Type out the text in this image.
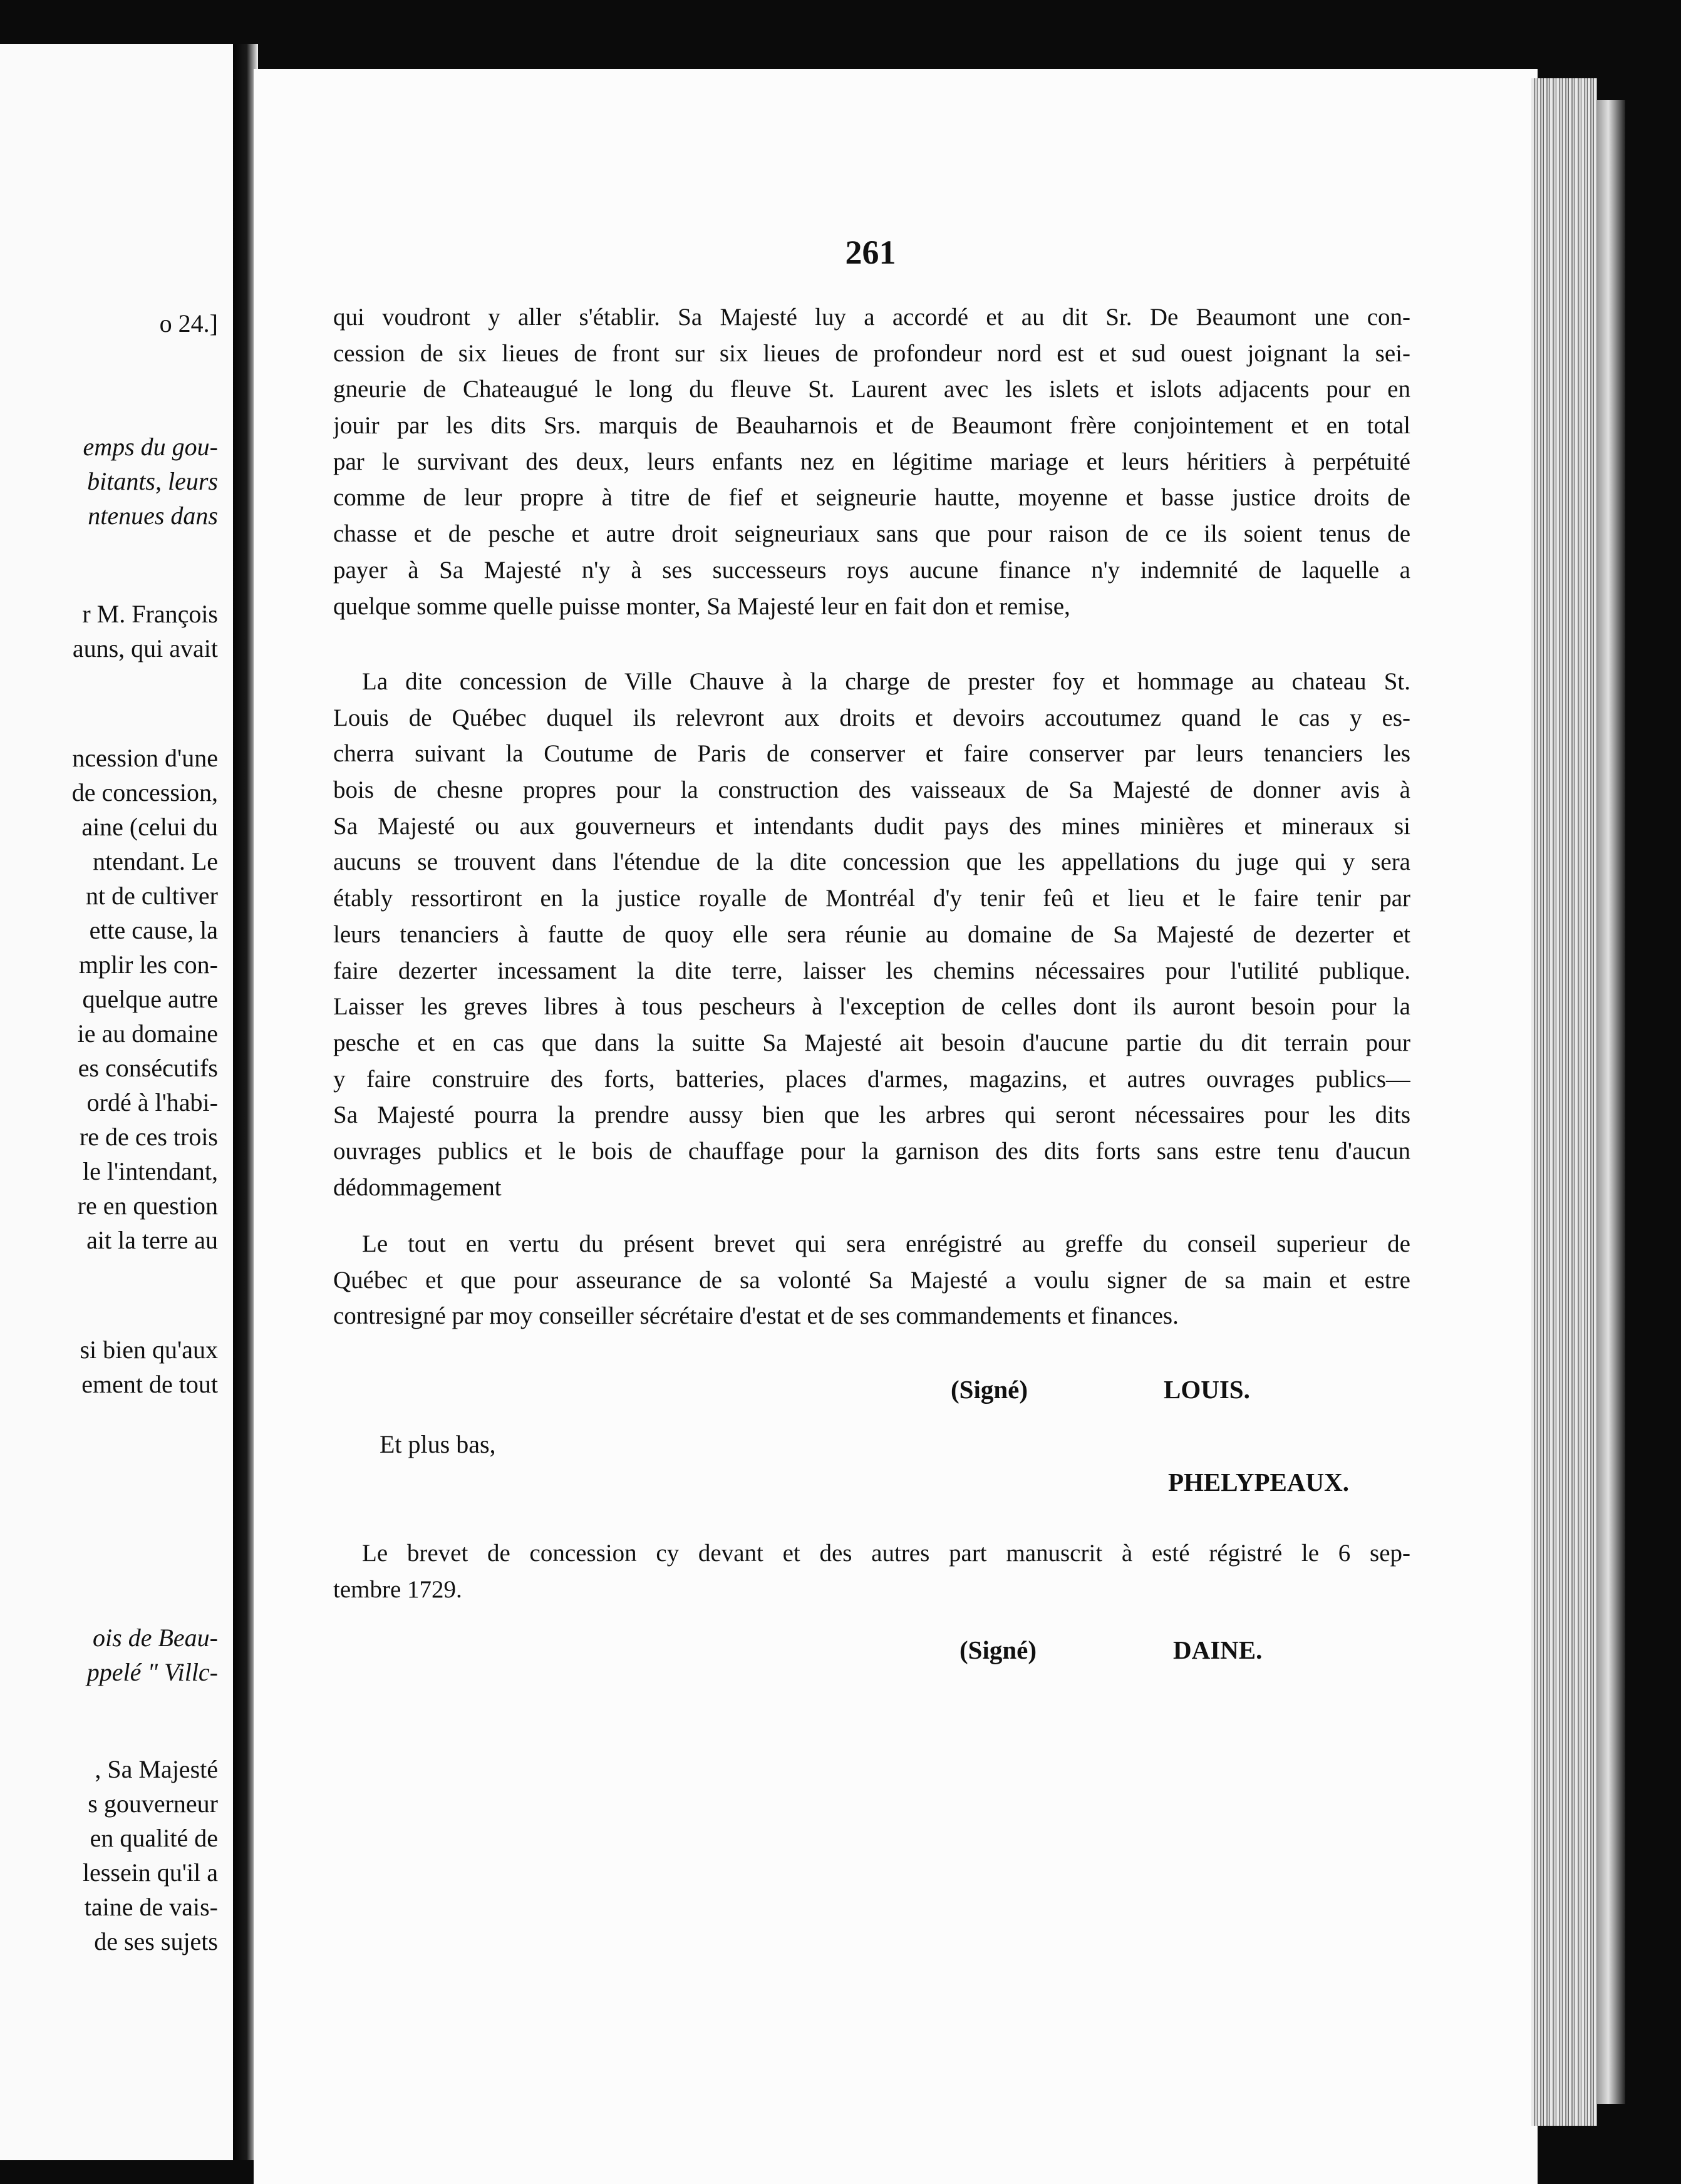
o 24.]
emps du gou-
bitants, leurs
ntenues dans
r M. François
auns, qui avait
ncession d'une
de concession,
aine (celui du
ntendant. Le
nt de cultiver
ette cause, la
mplir les con-
quelque autre
ie au domaine
es consécutifs
ordé à l'habi-
re de ces trois
le l'intendant,
re en question
ait la terre au
si bien qu'aux
ement de tout
ois de Beau-
ppelé " Villc-
, Sa Majesté
s gouverneur
en qualité de
lessein qu'il a
taine de vais-
de ses sujets
261
qui voudront y aller s'établir. Sa Majesté luy a accordé et au dit Sr. De Beaumont une con-
cession de six lieues de front sur six lieues de profondeur nord est et sud ouest joignant la sei-
gneurie de Chateaugué le long du fleuve St. Laurent avec les islets et islots adjacents pour en
jouir par les dits Srs. marquis de Beauharnois et de Beaumont frère conjointement et en total
par le survivant des deux, leurs enfants nez en légitime mariage et leurs héritiers à perpétuité
comme de leur propre à titre de fief et seigneurie hautte, moyenne et basse justice droits de
chasse et de pesche et autre droit seigneuriaux sans que pour raison de ce ils soient tenus de
payer à Sa Majesté n'y à ses successeurs roys aucune finance n'y indemnité de laquelle a
quelque somme quelle puisse monter, Sa Majesté leur en fait don et remise,
La dite concession de Ville Chauve à la charge de prester foy et hommage au chateau St.
Louis de Québec duquel ils relevront aux droits et devoirs accoutumez quand le cas y es-
cherra suivant la Coutume de Paris de conserver et faire conserver par leurs tenanciers les
bois de chesne propres pour la construction des vaisseaux de Sa Majesté de donner avis à
Sa Majesté ou aux gouverneurs et intendants dudit pays des mines minières et mineraux si
aucuns se trouvent dans l'étendue de la dite concession que les appellations du juge qui y sera
étably ressortiront en la justice royalle de Montréal d'y tenir feû et lieu et le faire tenir par
leurs tenanciers à fautte de quoy elle sera réunie au domaine de Sa Majesté de dezerter et
faire dezerter incessament la dite terre, laisser les chemins nécessaires pour l'utilité publique.
Laisser les greves libres à tous pescheurs à l'exception de celles dont ils auront besoin pour la
pesche et en cas que dans la suitte Sa Majesté ait besoin d'aucune partie du dit terrain pour
y faire construire des forts, batteries, places d'armes, magazins, et autres ouvrages publics—
Sa Majesté pourra la prendre aussy bien que les arbres qui seront nécessaires pour les dits
ouvrages publics et le bois de chauffage pour la garnison des dits forts sans estre tenu d'aucun
dédommagement
Le tout en vertu du présent brevet qui sera enrégistré au greffe du conseil superieur de
Québec et que pour asseurance de sa volonté Sa Majesté a voulu signer de sa main et estre
contresigné par moy conseiller sécrétaire d'estat et de ses commandements et finances.
Le brevet de concession cy devant et des autres part manuscrit à esté régistré le 6 sep-
tembre 1729.
(Signé)	LOUIS.
Et plus bas,
PHELYPEAUX.
(Signé)	DAINE.
